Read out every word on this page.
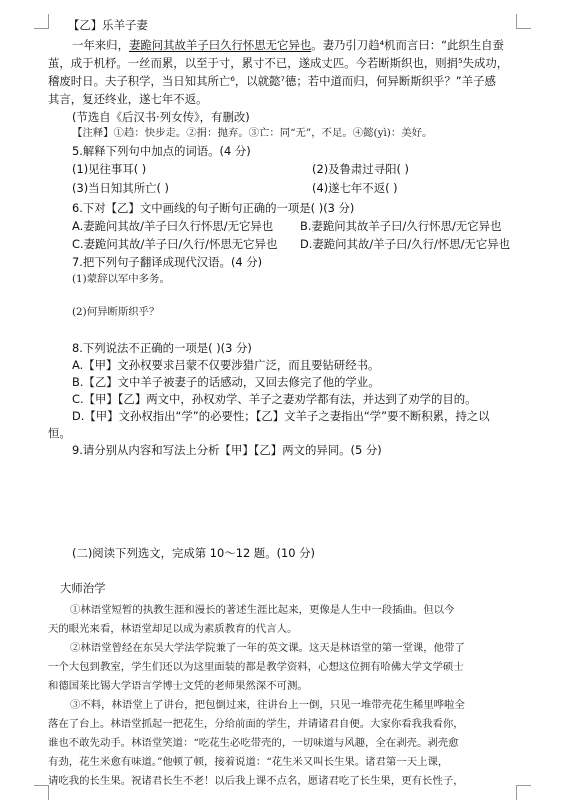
【乙】乐羊子妻
一年来归，妻跪问其故羊子曰久行怀思无它异也。妻乃引刀趋⁴机而言曰：“此织生自蚕
茧，成于机杼。一丝而累，以至于寸，累寸不已，遂成丈匹。今若断斯织也，则捐⁵失成功，
稽废时日。夫子积学，当日知其所亡⁶，以就懿⁷德；若中道而归，何异断斯织乎？”羊子感
其言，复还终业，遂七年不返。
(节选自《后汉书·列女传》，有删改)
【注释】①趋：快步走。②捐：抛弃。③亡：同“无”，不足。④懿(yì)：美好。
5.解释下列句中加点的词语。(4 分)
(1)见往事耳( )	(2)及鲁肃过寻阳( )
(3)当日知其所亡( )	(4)遂七年不返( )
6.下对【乙】文中画线的句子断句正确的一项是( )(3 分)
A.妻跪问其故/羊子曰久行怀思/无它异也 B.妻跪问其故羊子曰/久行怀思/无它异也
C.妻跪问其故/羊子曰/久行/怀思无它异也 D.妻跪问其故/羊子曰/久行/怀思/无它异也
7.把下列句子翻译成现代汉语。(4 分)
(1)蒙辞以军中多务。
(2)何异断斯织乎？
8.下列说法不正确的一项是( )(3 分)
A.【甲】文孙权要求吕蒙不仅要涉猎广泛，而且要钻研经书。
B.【乙】文中羊子被妻子的话感动，又回去修完了他的学业。
C.【甲】【乙】两文中，孙权劝学、羊子之妻劝学都有法，并达到了劝学的目的。
D.【甲】文孙权指出“学”的必要性；【乙】文羊子之妻指出“学”要不断积累，持之以
恒。
9.请分别从内容和写法上分析【甲】【乙】两文的异同。(5 分)
(二)阅读下列选文，完成第 10～12 题。(10 分)
大师治学
①林语堂短暂的执教生涯和漫长的著述生涯比起来，更像是人生中一段插曲。但以今
天的眼光来看，林语堂却足以成为素质教育的代言人。
②林语堂曾经在东吴大学法学院兼了一年的英文课。这天是林语堂的第一堂课，他带了
一个大包到教室，学生们还以为这里面装的都是教学资料，心想这位拥有哈佛大学文学硕士
和德国莱比锡大学语言学博士文凭的老师果然深不可测。
③不料，林语堂上了讲台，把包倒过来，往讲台上一倒，只见一堆带壳花生稀里哗啦全
落在了台上。林语堂抓起一把花生，分给前面的学生，并请诸君自便。大家你看我我看你，
谁也不敢先动手。林语堂笑道：“吃花生必吃带壳的，一切味道与风趣，全在剥壳。剥壳愈
有劲，花生米愈有味道。”他顿了顿，接着说道：“花生米又叫长生果。诸君第一天上课，
请吃我的长生果。祝诸君长生不老！以后我上课不点名，愿诸君吃了长生果，更有长性子，
